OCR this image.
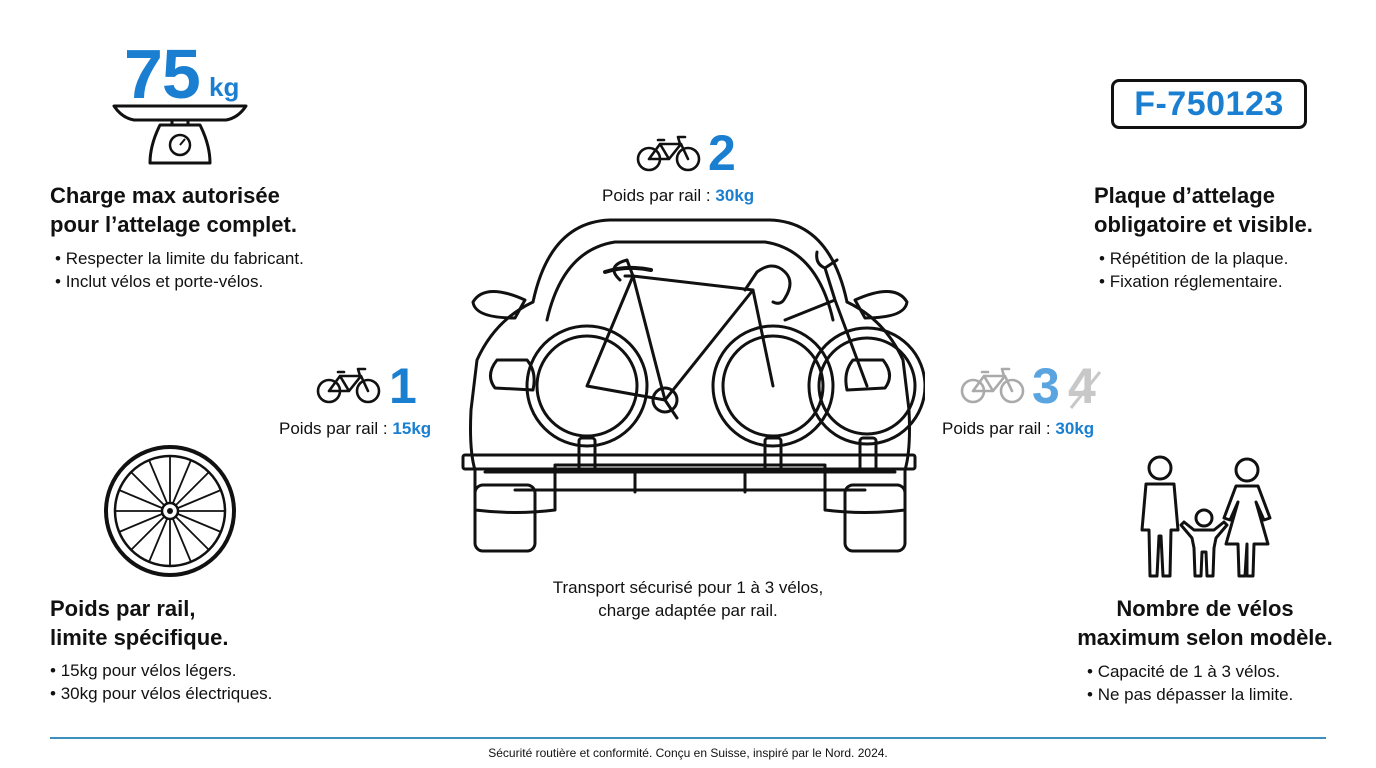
75 kg
Charge max autorisée
pour l’attelage complet.
• Respecter la limite du fabricant.
• Inclut vélos et porte-vélos.
F-750123
Plaque d’attelage
obligatoire et visible.
• Répétition de la plaque.
• Fixation réglementaire.
Poids par rail,
limite spécifique.
• 15kg pour vélos légers.
• 30kg pour vélos électriques.
Nombre de vélos
maximum selon modèle.
• Capacité de 1 à 3 vélos.
• Ne pas dépasser la limite.
2
Poids par rail : 30kg
1
Poids par rail : 15kg
3 4
Poids par rail : 30kg
Transport sécurisé pour 1 à 3 vélos,
charge adaptée par rail.
Sécurité routière et conformité. Conçu en Suisse, inspiré par le Nord. 2024.
